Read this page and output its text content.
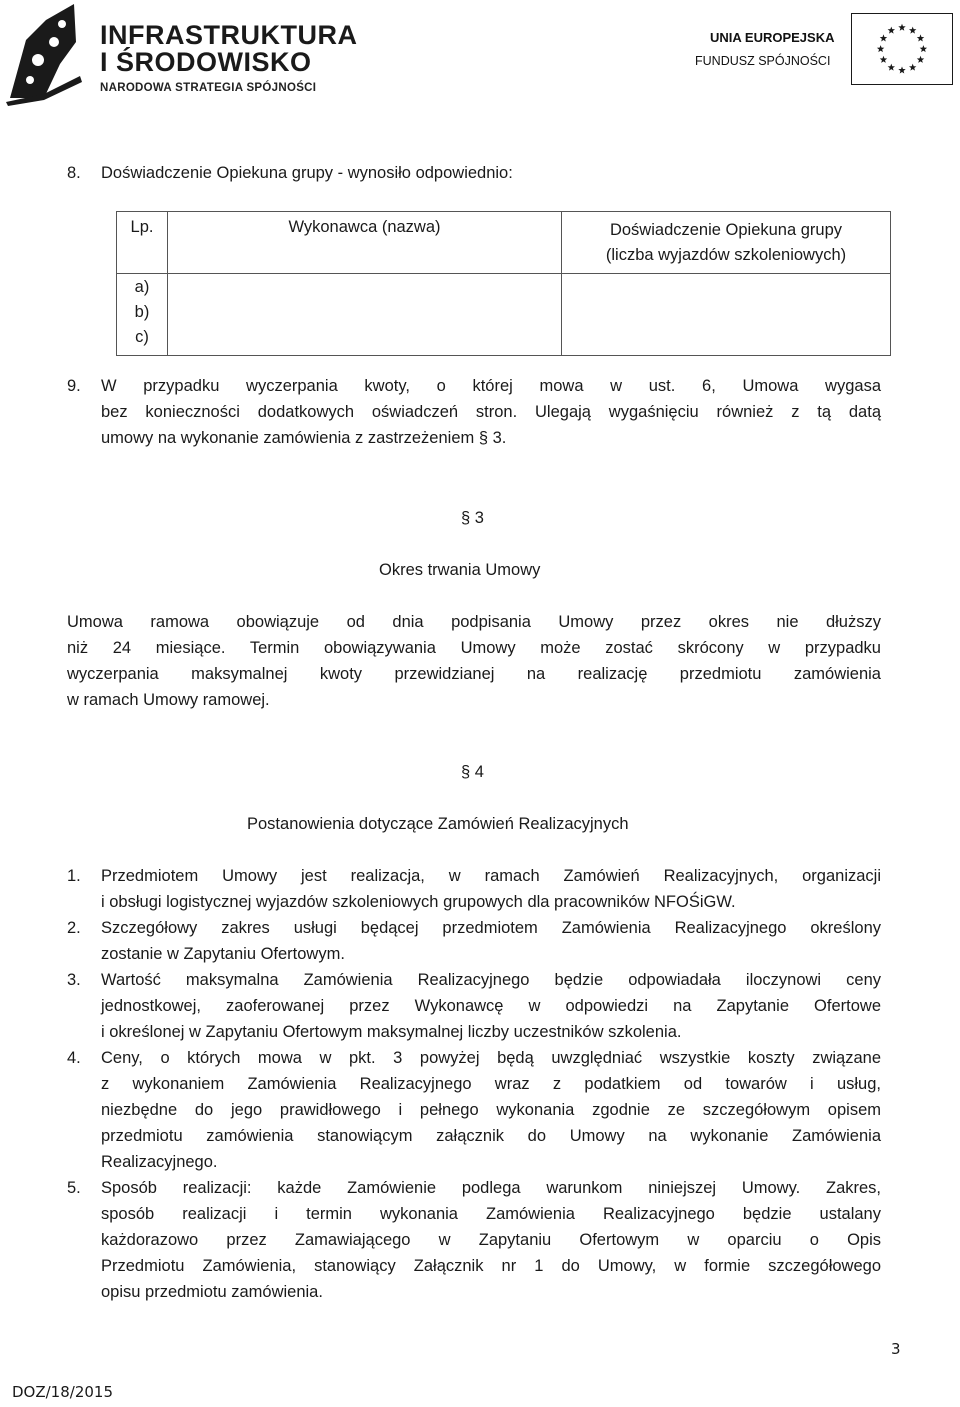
INFRASTRUKTURA
I ŚRODOWISKO
NARODOWA STRATEGIA SPÓJNOŚCI
UNIA EUROPEJSKA
FUNDUSZ SPÓJNOŚCI
8. Doświadczenie Opiekuna grupy - wynosiło odpowiednio:
Lp.	Wykonawca (nazwa)	Doświadczenie Opiekuna grupy
(liczba wyjazdów szkoleniowych)

a)
b)
c)		

9. W przypadku wyczerpania kwoty, o której mowa w ust. 6, Umowa wygasa
bez konieczności dodatkowych oświadczeń stron. Ulegają wygaśnięciu również z tą datą
umowy na wykonanie zamówienia z zastrzeżeniem § 3.
§ 3
Okres trwania Umowy
Umowa ramowa obowiązuje od dnia podpisania Umowy przez okres nie dłuższy
niż 24 miesiące. Termin obowiązywania Umowy może zostać skrócony w przypadku
wyczerpania maksymalnej kwoty przewidzianej na realizację przedmiotu zamówienia
w ramach Umowy ramowej.
§ 4
Postanowienia dotyczące Zamówień Realizacyjnych
1. Przedmiotem Umowy jest realizacja, w ramach Zamówień Realizacyjnych, organizacji
i obsługi logistycznej wyjazdów szkoleniowych grupowych dla pracowników NFOŚiGW.
2. Szczegółowy zakres usługi będącej przedmiotem Zamówienia Realizacyjnego określony
zostanie w Zapytaniu Ofertowym.
3. Wartość maksymalna Zamówienia Realizacyjnego będzie odpowiadała iloczynowi ceny
jednostkowej, zaoferowanej przez Wykonawcę w odpowiedzi na Zapytanie Ofertowe
i określonej w Zapytaniu Ofertowym maksymalnej liczby uczestników szkolenia.
4. Ceny, o których mowa w pkt. 3 powyżej będą uwzględniać wszystkie koszty związane
z wykonaniem Zamówienia Realizacyjnego wraz z podatkiem od towarów i usług,
niezbędne do jego prawidłowego i pełnego wykonania zgodnie ze szczegółowym opisem
przedmiotu zamówienia stanowiącym załącznik do Umowy na wykonanie Zamówienia
Realizacyjnego.
5. Sposób realizacji: każde Zamówienie podlega warunkom niniejszej Umowy. Zakres,
sposób realizacji i termin wykonania Zamówienia Realizacyjnego będzie ustalany
każdorazowo przez Zamawiającego w Zapytaniu Ofertowym w oparciu o Opis
Przedmiotu Zamówienia, stanowiący Załącznik nr 1 do Umowy, w formie szczegółowego
opisu przedmiotu zamówienia.
3
DOZ/18/2015
